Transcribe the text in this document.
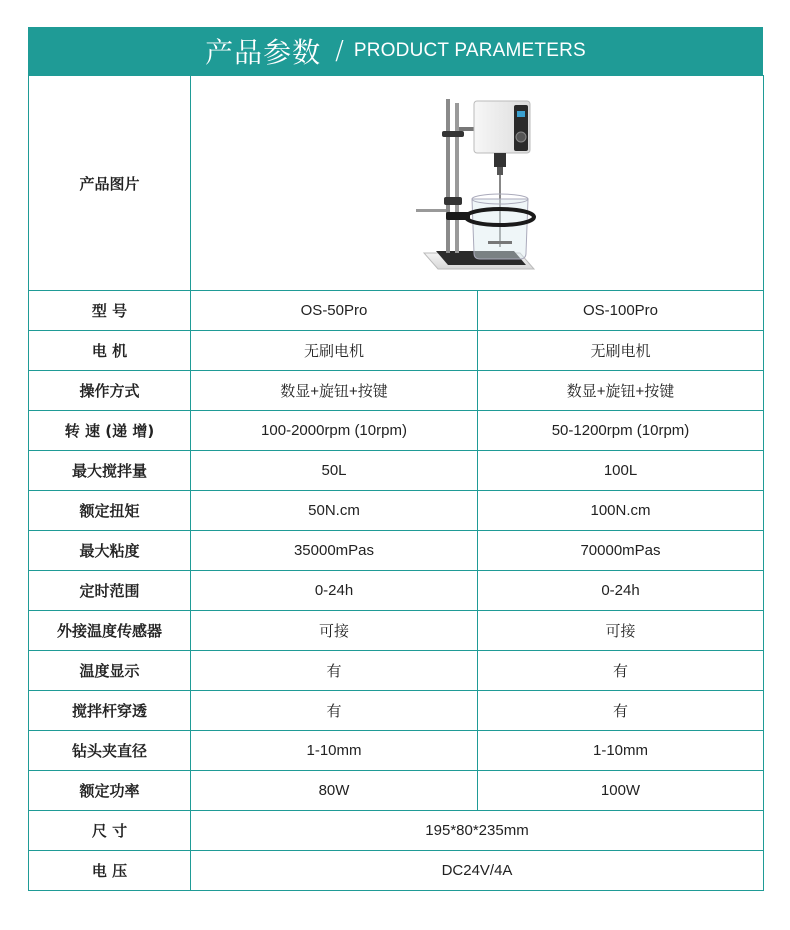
产品参数 / PRODUCT PARAMETERS
产品图片	

型 号	OS-50Pro	OS-100Pro
电 机	无刷电机	无刷电机
操作方式	数显+旋钮+按键	数显+旋钮+按键
转 速 (递 增)	100-2000rpm (10rpm)	50-1200rpm (10rpm)
最大搅拌量	50L	100L
额定扭矩	50N.cm	100N.cm
最大粘度	35000mPas	70000mPas
定时范围	0-24h	0-24h
外接温度传感器	可接	可接
温度显示	有	有
搅拌杆穿透	有	有
钻头夹直径	1-10mm	1-10mm
额定功率	80W	100W
尺 寸	195*80*235mm	
电 压	DC24V/4A	
